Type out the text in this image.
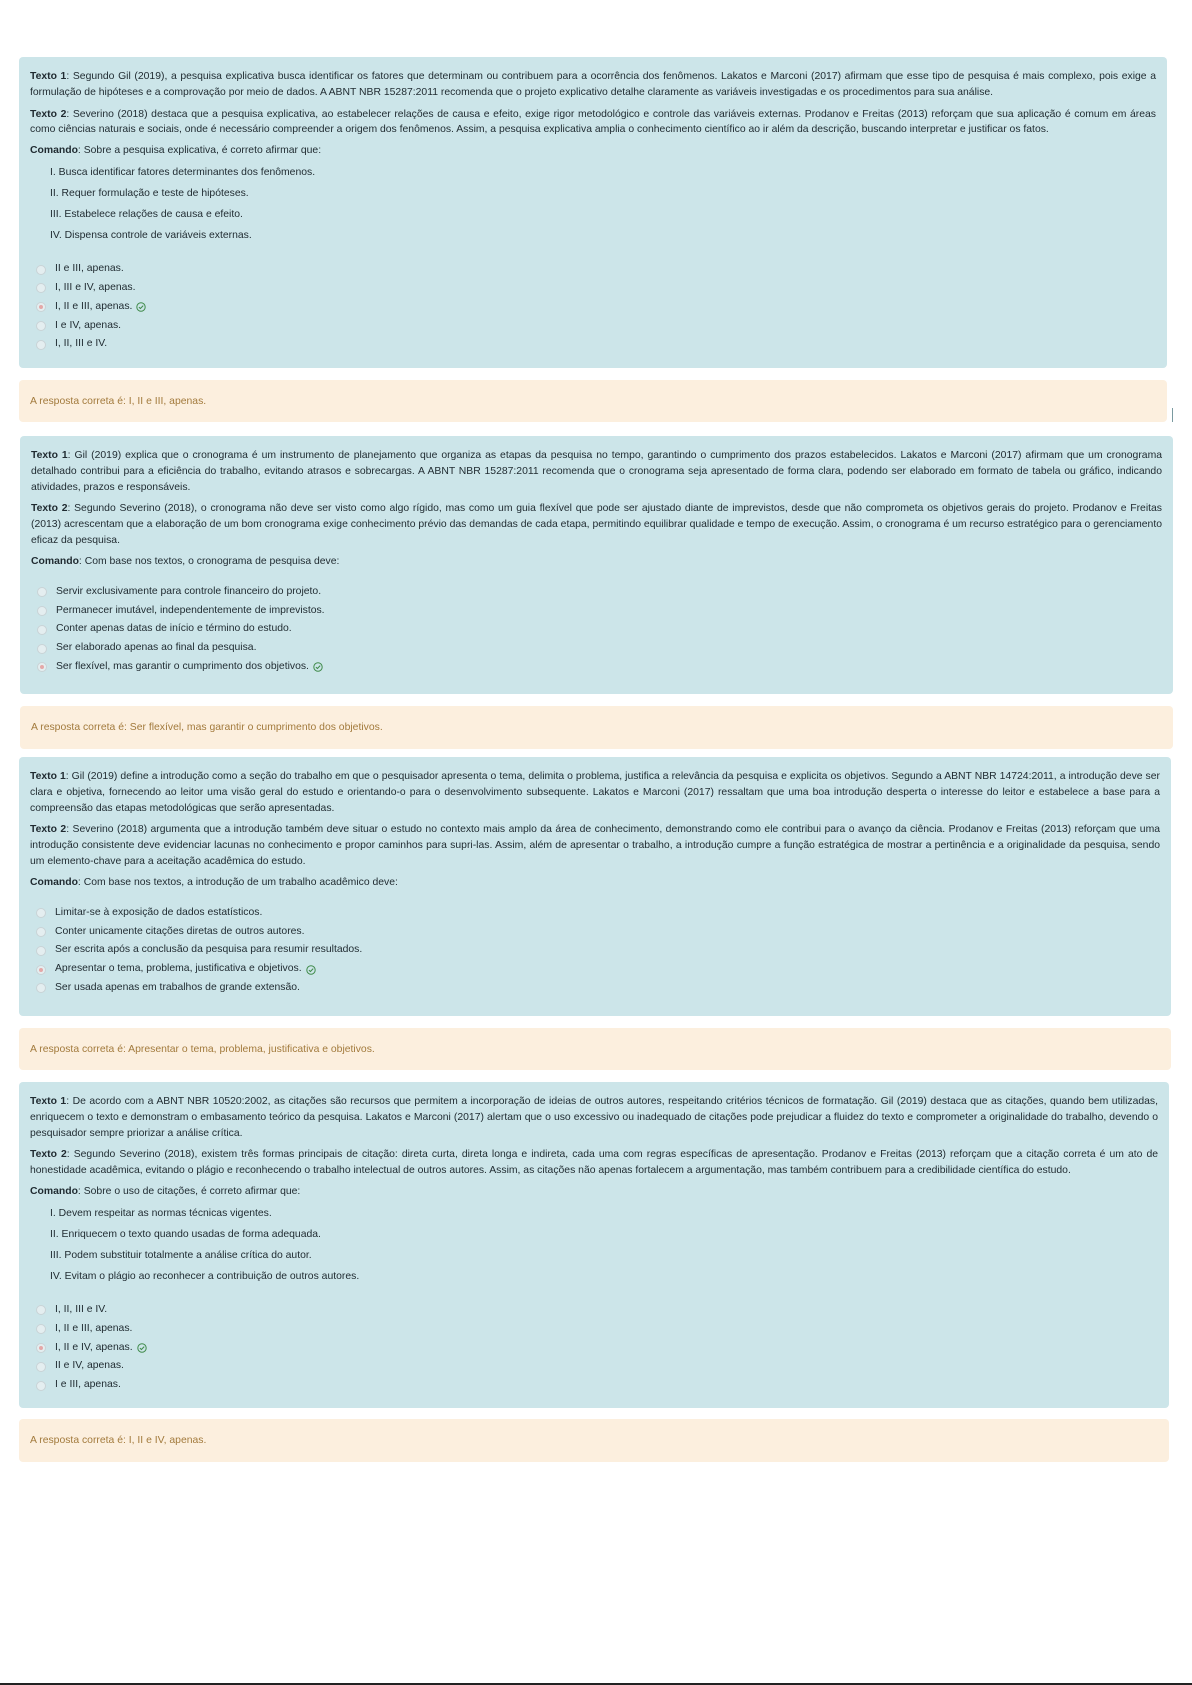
Texto 1: Segundo Gil (2019), a pesquisa explicativa busca identificar os fatores que determinam ou contribuem para a ocorrência dos fenômenos. Lakatos e Marconi (2017) afirmam que esse tipo de pesquisa é mais complexo, pois exige a formulação de hipóteses e a comprovação por meio de dados. A ABNT NBR 15287:2011 recomenda que o projeto explicativo detalhe claramente as variáveis investigadas e os procedimentos para sua análise.

Texto 2: Severino (2018) destaca que a pesquisa explicativa, ao estabelecer relações de causa e efeito, exige rigor metodológico e controle das variáveis externas. Prodanov e Freitas (2013) reforçam que sua aplicação é comum em áreas como ciências naturais e sociais, onde é necessário compreender a origem dos fenômenos. Assim, a pesquisa explicativa amplia o conhecimento científico ao ir além da descrição, buscando interpretar e justificar os fatos.

Comando: Sobre a pesquisa explicativa, é correto afirmar que:

I. Busca identificar fatores determinantes dos fenômenos.
II. Requer formulação e teste de hipóteses.
III. Estabelece relações de causa e efeito.
IV. Dispensa controle de variáveis externas.
II e III, apenas.
I, III e IV, apenas.
I, II e III, apenas.
I e IV, apenas.
I, II, III e IV.
A resposta correta é: I, II e III, apenas.

Texto 1: Gil (2019) explica que o cronograma é um instrumento de planejamento que organiza as etapas da pesquisa no tempo, garantindo o cumprimento dos prazos estabelecidos. Lakatos e Marconi (2017) afirmam que um cronograma detalhado contribui para a eficiência do trabalho, evitando atrasos e sobrecargas. A ABNT NBR 15287:2011 recomenda que o cronograma seja apresentado de forma clara, podendo ser elaborado em formato de tabela ou gráfico, indicando atividades, prazos e responsáveis.

Texto 2: Segundo Severino (2018), o cronograma não deve ser visto como algo rígido, mas como um guia flexível que pode ser ajustado diante de imprevistos, desde que não comprometa os objetivos gerais do projeto. Prodanov e Freitas (2013) acrescentam que a elaboração de um bom cronograma exige conhecimento prévio das demandas de cada etapa, permitindo equilibrar qualidade e tempo de execução. Assim, o cronograma é um recurso estratégico para o gerenciamento eficaz da pesquisa.

Comando: Com base nos textos, o cronograma de pesquisa deve:

Servir exclusivamente para controle financeiro do projeto.
Permanecer imutável, independentemente de imprevistos.
Conter apenas datas de início e término do estudo.
Ser elaborado apenas ao final da pesquisa.
Ser flexível, mas garantir o cumprimento dos objetivos.
A resposta correta é: Ser flexível, mas garantir o cumprimento dos objetivos.

Texto 1: Gil (2019) define a introdução como a seção do trabalho em que o pesquisador apresenta o tema, delimita o problema, justifica a relevância da pesquisa e explicita os objetivos. Segundo a ABNT NBR 14724:2011, a introdução deve ser clara e objetiva, fornecendo ao leitor uma visão geral do estudo e orientando-o para o desenvolvimento subsequente. Lakatos e Marconi (2017) ressaltam que uma boa introdução desperta o interesse do leitor e estabelece a base para a compreensão das etapas metodológicas que serão apresentadas.

Texto 2: Severino (2018) argumenta que a introdução também deve situar o estudo no contexto mais amplo da área de conhecimento, demonstrando como ele contribui para o avanço da ciência. Prodanov e Freitas (2013) reforçam que uma introdução consistente deve evidenciar lacunas no conhecimento e propor caminhos para supri-las. Assim, além de apresentar o trabalho, a introdução cumpre a função estratégica de mostrar a pertinência e a originalidade da pesquisa, sendo um elemento-chave para a aceitação acadêmica do estudo.

Comando: Com base nos textos, a introdução de um trabalho acadêmico deve:

Limitar-se à exposição de dados estatísticos.
Conter unicamente citações diretas de outros autores.
Ser escrita após a conclusão da pesquisa para resumir resultados.
Apresentar o tema, problema, justificativa e objetivos.
Ser usada apenas em trabalhos de grande extensão.
A resposta correta é: Apresentar o tema, problema, justificativa e objetivos.

Texto 1: De acordo com a ABNT NBR 10520:2002, as citações são recursos que permitem a incorporação de ideias de outros autores, respeitando critérios técnicos de formatação. Gil (2019) destaca que as citações, quando bem utilizadas, enriquecem o texto e demonstram o embasamento teórico da pesquisa. Lakatos e Marconi (2017) alertam que o uso excessivo ou inadequado de citações pode prejudicar a fluidez do texto e comprometer a originalidade do trabalho, devendo o pesquisador sempre priorizar a análise crítica.

Texto 2: Segundo Severino (2018), existem três formas principais de citação: direta curta, direta longa e indireta, cada uma com regras específicas de apresentação. Prodanov e Freitas (2013) reforçam que a citação correta é um ato de honestidade acadêmica, evitando o plágio e reconhecendo o trabalho intelectual de outros autores. Assim, as citações não apenas fortalecem a argumentação, mas também contribuem para a credibilidade científica do estudo.

Comando: Sobre o uso de citações, é correto afirmar que:

I. Devem respeitar as normas técnicas vigentes.
II. Enriquecem o texto quando usadas de forma adequada.
III. Podem substituir totalmente a análise crítica do autor.
IV. Evitam o plágio ao reconhecer a contribuição de outros autores.
I, II, III e IV.
I, II e III, apenas.
I, II e IV, apenas.
II e IV, apenas.
I e III, apenas.
A resposta correta é: I, II e IV, apenas.
